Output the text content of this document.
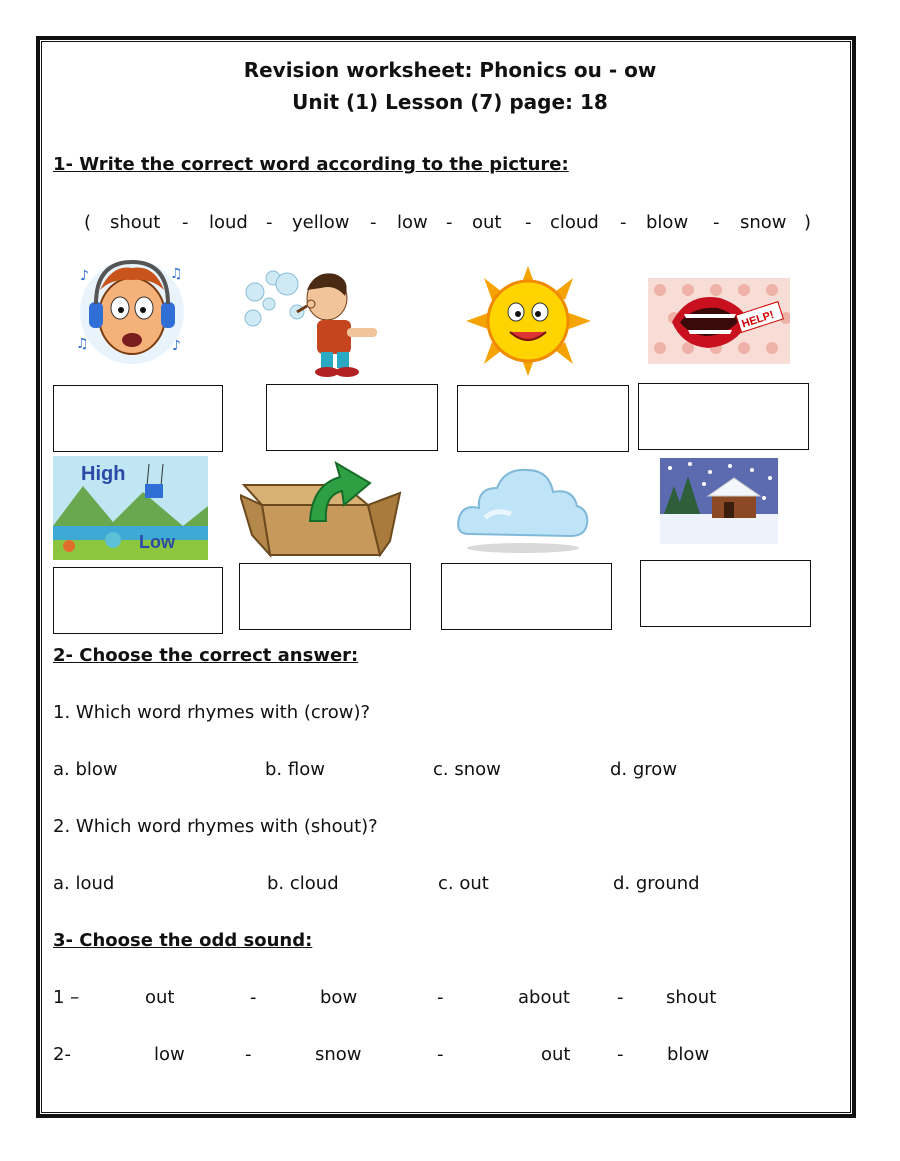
Revision worksheet: Phonics ou - ow
Unit (1) Lesson (7) page: 18
1- Write the correct word according to the picture:
( shout - loud - yellow - low - out - cloud - blow - snow )
♪	♫
♫	♪
HELP!
High
Low
2- Choose the correct answer:
1. Which word rhymes with (crow)?
a. blow	b. flow	c. snow	d. grow
2. Which word rhymes with (shout)?
a. loud	b. cloud	c. out	d. ground
3- Choose the odd sound:
1 –	out	-	bow	-	about	- shout
2-	low	-	snow	-	out	- blow
